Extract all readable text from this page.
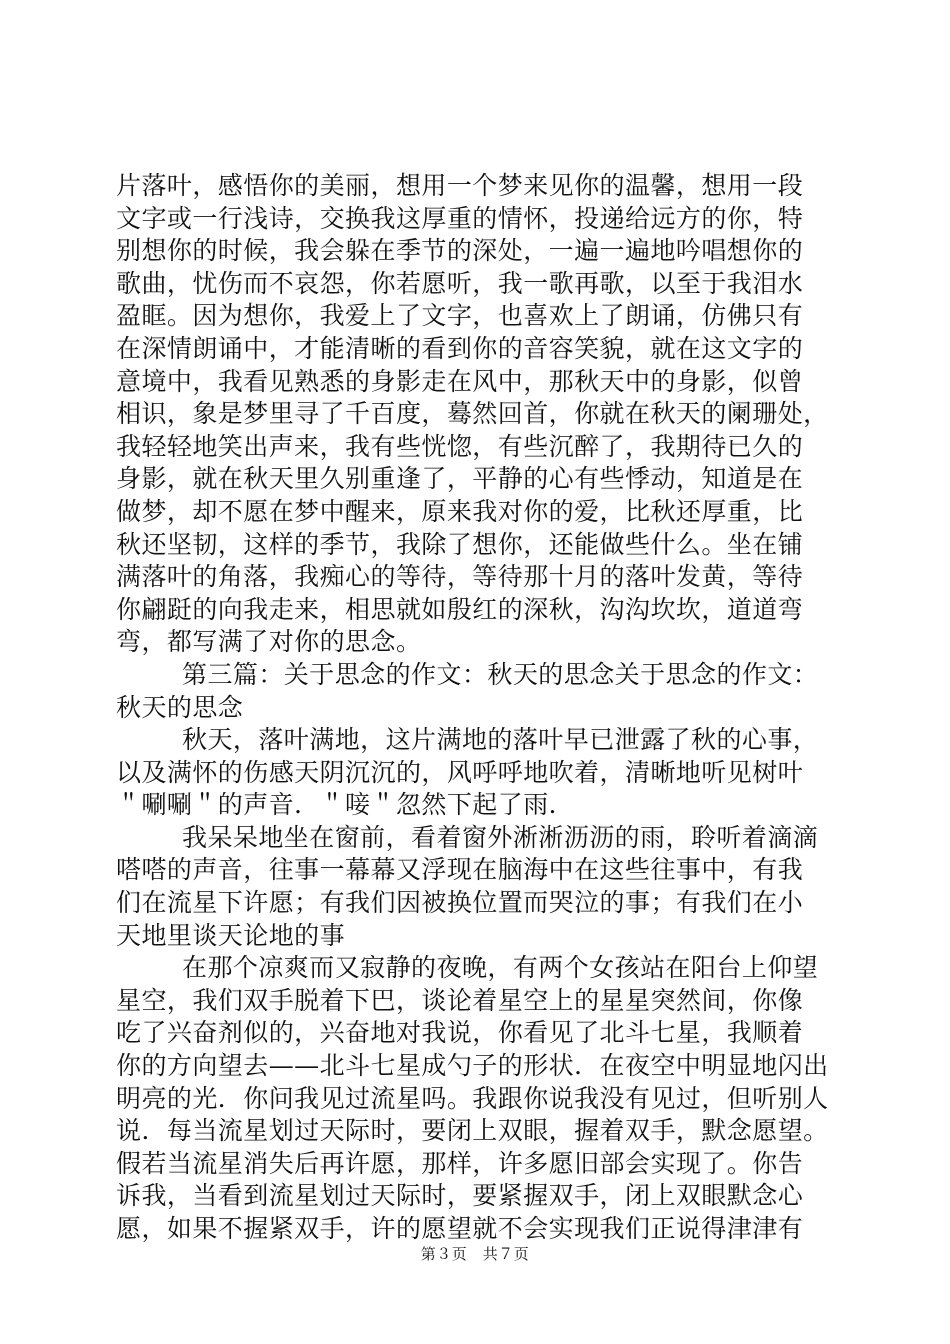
片落叶，感悟你的美丽，想用一个梦来见你的温馨，想用一段
文字或一行浅诗，交换我这厚重的情怀，投递给远方的你，特
别想你的时候，我会躲在季节的深处，一遍一遍地吟唱想你的
歌曲，忧伤而不哀怨，你若愿听，我一歌再歌，以至于我泪水
盈眶。因为想你，我爱上了文字，也喜欢上了朗诵，仿佛只有
在深情朗诵中，才能清晰的看到你的音容笑貌，就在这文字的
意境中，我看见熟悉的身影走在风中，那秋天中的身影，似曾
相识，象是梦里寻了千百度，蓦然回首，你就在秋天的阑珊处，
我轻轻地笑出声来，我有些恍惚，有些沉醉了，我期待已久的
身影，就在秋天里久别重逢了，平静的心有些悸动，知道是在
做梦，却不愿在梦中醒来，原来我对你的爱，比秋还厚重，比
秋还坚韧，这样的季节，我除了想你，还能做些什么。坐在铺
满落叶的角落，我痴心的等待，等待那十月的落叶发黄，等待
你翩跹的向我走来，相思就如殷红的深秋，沟沟坎坎，道道弯
弯，都写满了对你的思念。
第三篇：关于思念的作文：秋天的思念关于思念的作文：
秋天的思念
秋天，落叶满地，这片满地的落叶早已泄露了秋的心事，
以及满怀的伤感天阴沉沉的，风呼呼地吹着，清晰地听见树叶
＂唰唰＂的声音．＂唼＂忽然下起了雨．
我呆呆地坐在窗前，看着窗外淅淅沥沥的雨，聆听着滴滴
嗒嗒的声音，往事一幕幕又浮现在脑海中在这些往事中，有我
们在流星下许愿；有我们因被换位置而哭泣的事；有我们在小
天地里谈天论地的事
在那个凉爽而又寂静的夜晚，有两个女孩站在阳台上仰望
星空，我们双手脱着下巴，谈论着星空上的星星突然间，你像
吃了兴奋剂似的，兴奋地对我说，你看见了北斗七星，我顺着
你的方向望去——北斗七星成勺子的形状．在夜空中明显地闪出
明亮的光．你问我见过流星吗。我跟你说我没有见过，但听别人
说．每当流星划过天际时，要闭上双眼，握着双手，默念愿望。
假若当流星消失后再许愿，那样，许多愿旧部会实现了。你告
诉我，当看到流星划过天际时，要紧握双手，闭上双眼默念心
愿，如果不握紧双手，许的愿望就不会实现我们正说得津津有
第３页　共７页
